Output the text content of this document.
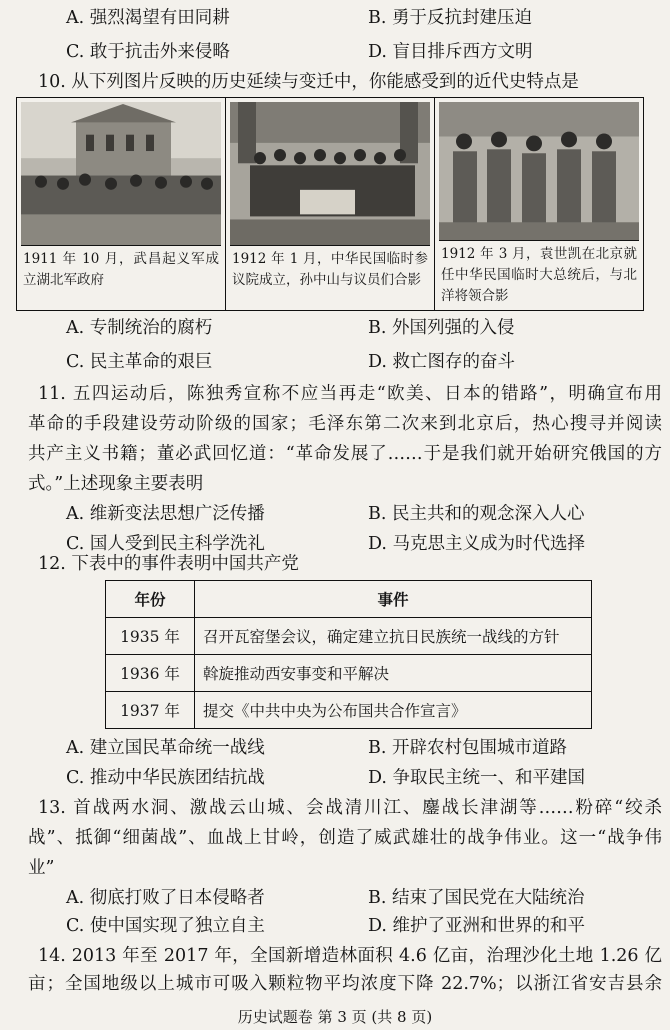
A. 强烈渴望有田同耕	B. 勇于反抗封建压迫
C. 敢于抗击外来侵略	D. 盲目排斥西方文明
10. 从下列图片反映的历史延续与变迁中，你能感受到的近代史特点是
1911 年 10 月，武昌起义军成立湖北军政府
1912 年 1 月，中华民国临时参议院成立，孙中山与议员们合影
1912 年 3 月，袁世凯在北京就任中华民国临时大总统后，与北洋将领合影
A. 专制统治的腐朽	B. 外国列强的入侵
C. 民主革命的艰巨	D. 救亡图存的奋斗
11. 五四运动后，陈独秀宣称不应当再走“欧美、日本的错路”，明确宣布用
革命的手段建设劳动阶级的国家；毛泽东第二次来到北京后，热心搜寻并阅读
共产主义书籍；董必武回忆道：“革命发展了……于是我们就开始研究俄国的方
式。”上述现象主要表明
A. 维新变法思想广泛传播	B. 民主共和的观念深入人心
C. 国人受到民主科学洗礼	D. 马克思主义成为时代选择
12. 下表中的事件表明中国共产党
年份	事件
1935 年	召开瓦窑堡会议，确定建立抗日民族统一战线的方针
1936 年	斡旋推动西安事变和平解决
1937 年	提交《中共中央为公布国共合作宣言》
A. 建立国民革命统一战线	B. 开辟农村包围城市道路
C. 推动中华民族团结抗战	D. 争取民主统一、和平建国
13. 首战两水洞、激战云山城、会战清川江、鏖战长津湖等……粉碎“绞杀
战”、抵御“细菌战”、血战上甘岭，创造了威武雄壮的战争伟业。这一“战争伟
业”
A. 彻底打败了日本侵略者	B. 结束了国民党在大陆统治
C. 使中国实现了独立自主	D. 维护了亚洲和世界的和平
14. 2013 年至 2017 年，全国新增造林面积 4.6 亿亩，治理沙化土地 1.26 亿
亩；全国地级以上城市可吸入颗粒物平均浓度下降 22.7%；以浙江省安吉县余
历史试题卷 第 3 页 (共 8 页)
